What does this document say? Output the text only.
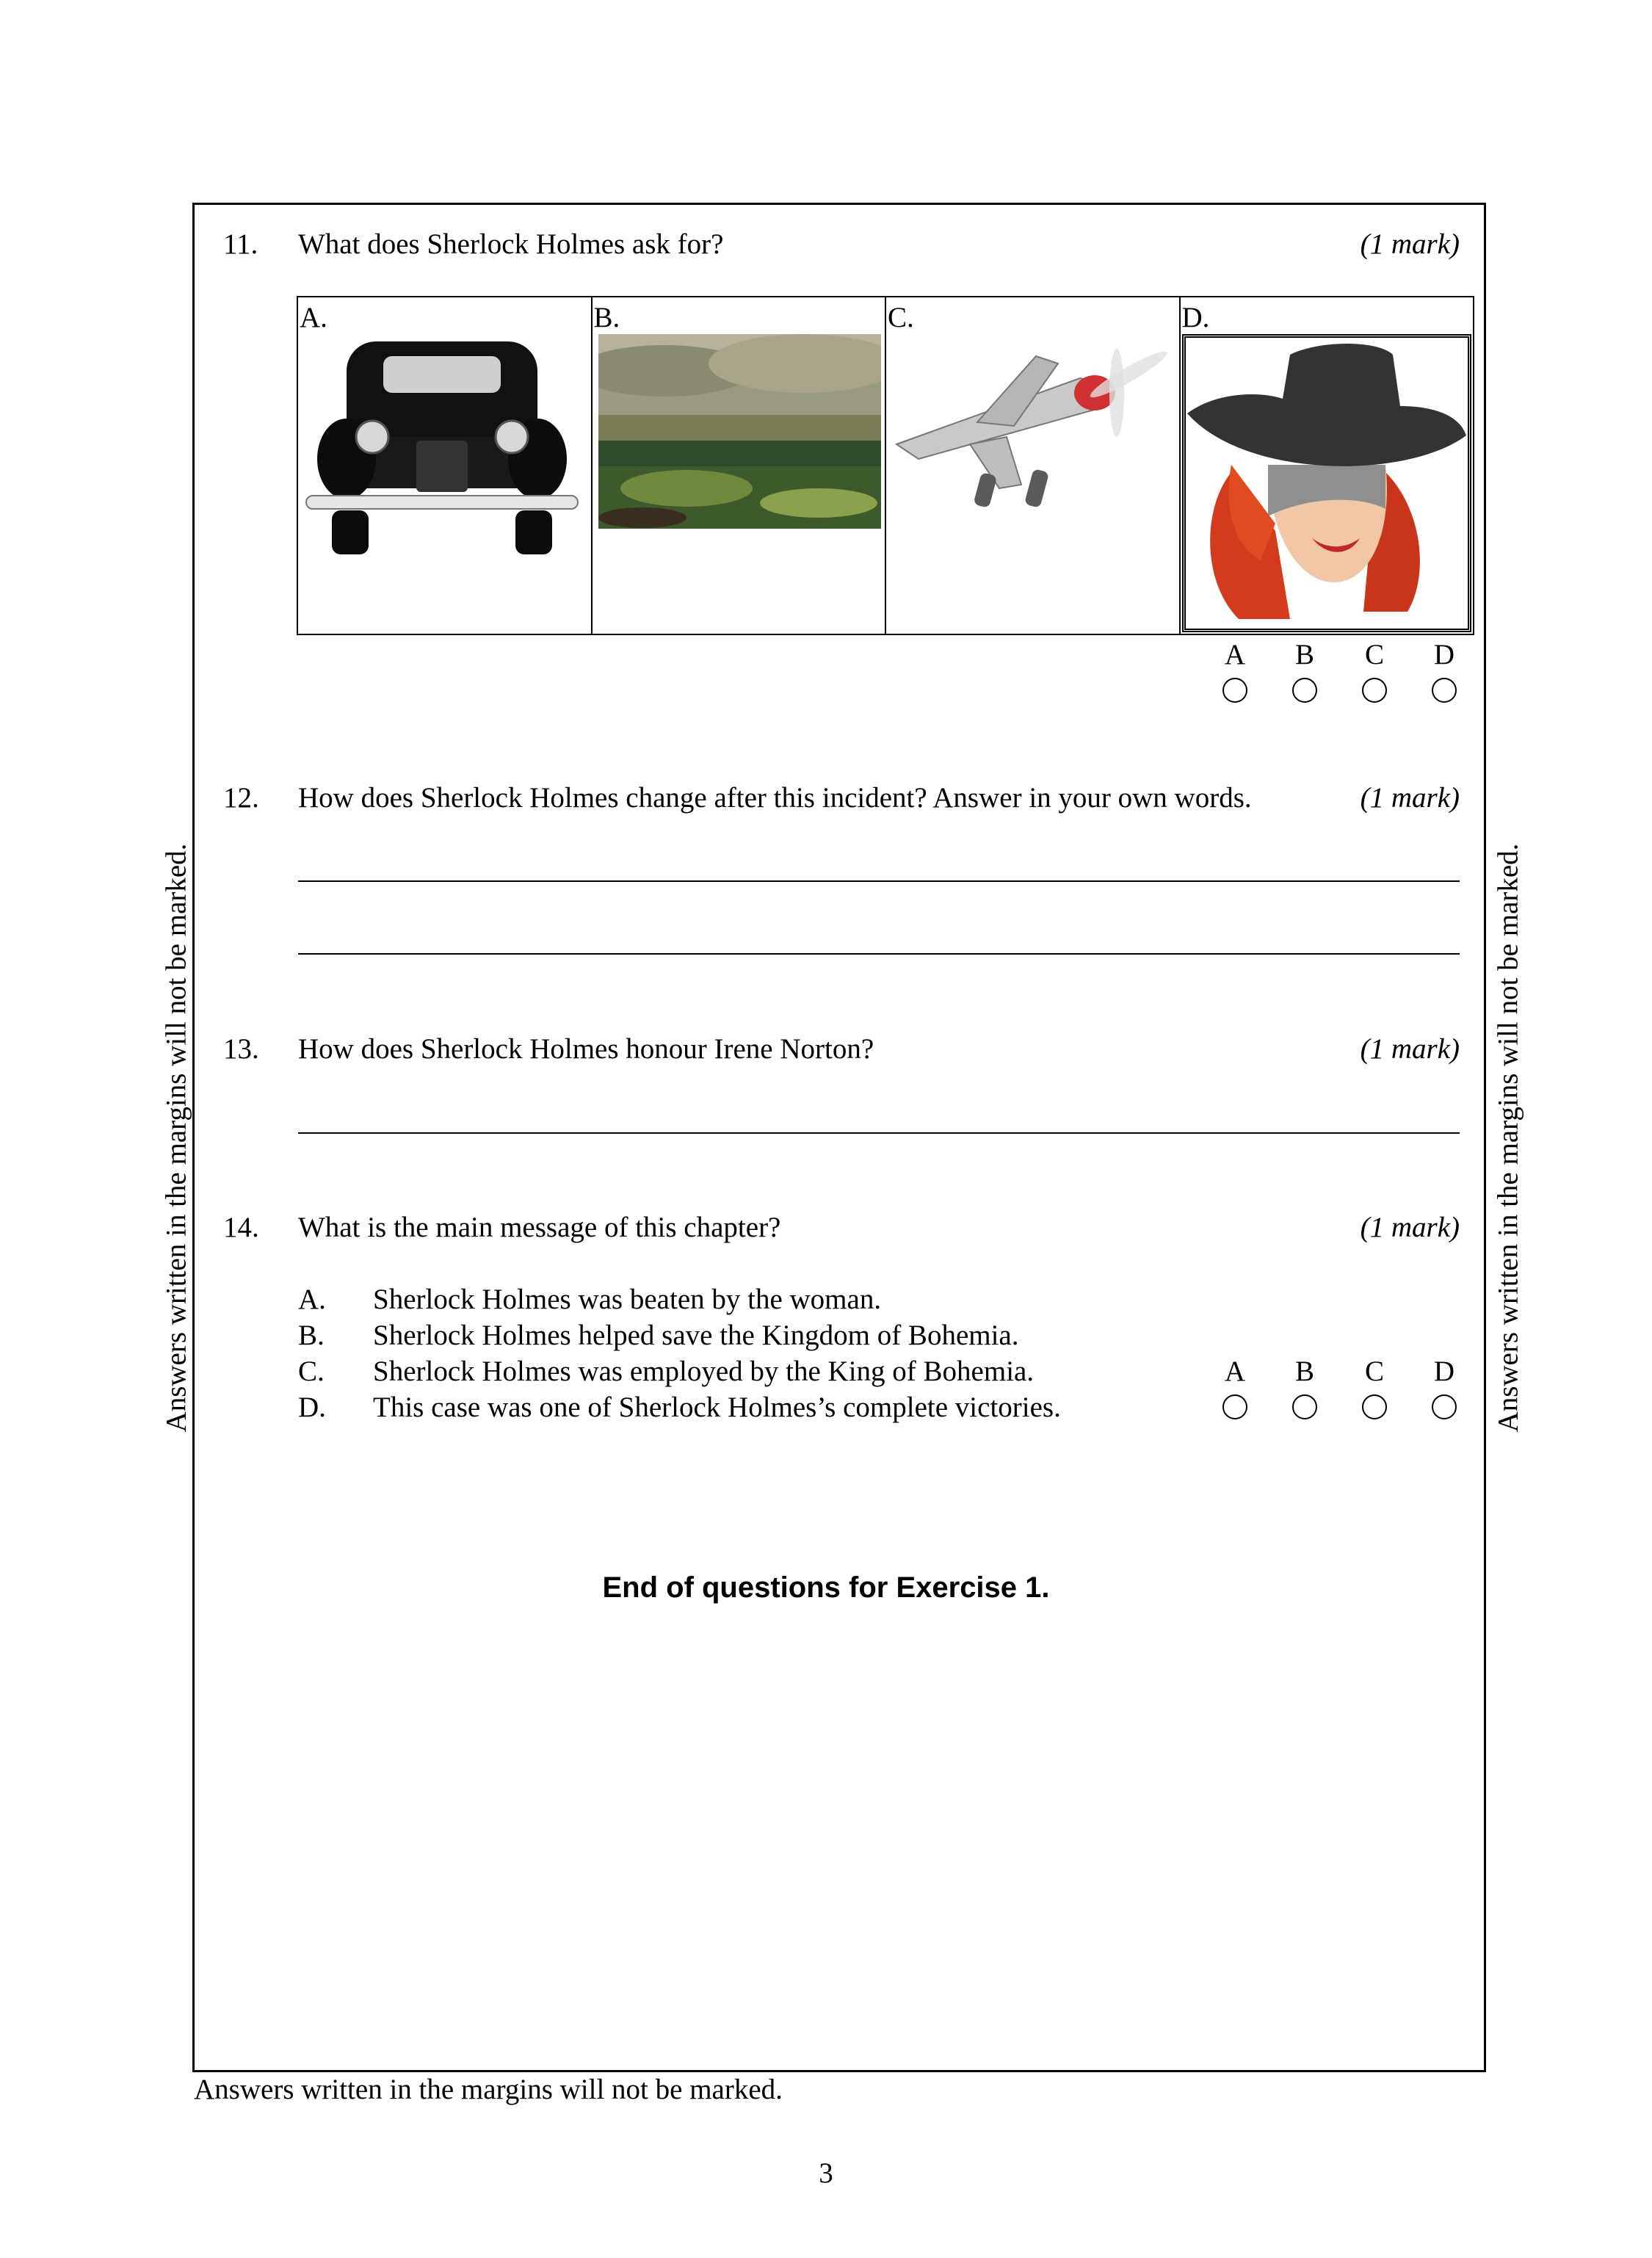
Answers written in the margins will not be marked.	Answers written in the margins will not be marked.
11. What does Sherlock Holmes ask for?	(1 mark)
A.	B.	C.	D.
A B C D
12. How does Sherlock Holmes change after this incident? Answer in your own words.	(1 mark)
13. How does Sherlock Holmes honour Irene Norton?	(1 mark)
14. What is the main message of this chapter?	(1 mark)
A. Sherlock Holmes was beaten by the woman.
B. Sherlock Holmes helped save the Kingdom of Bohemia.
C. Sherlock Holmes was employed by the King of Bohemia.
D. This case was one of Sherlock Holmes’s complete victories.
A B C D
End of questions for Exercise 1.
Answers written in the margins will not be marked.
3
